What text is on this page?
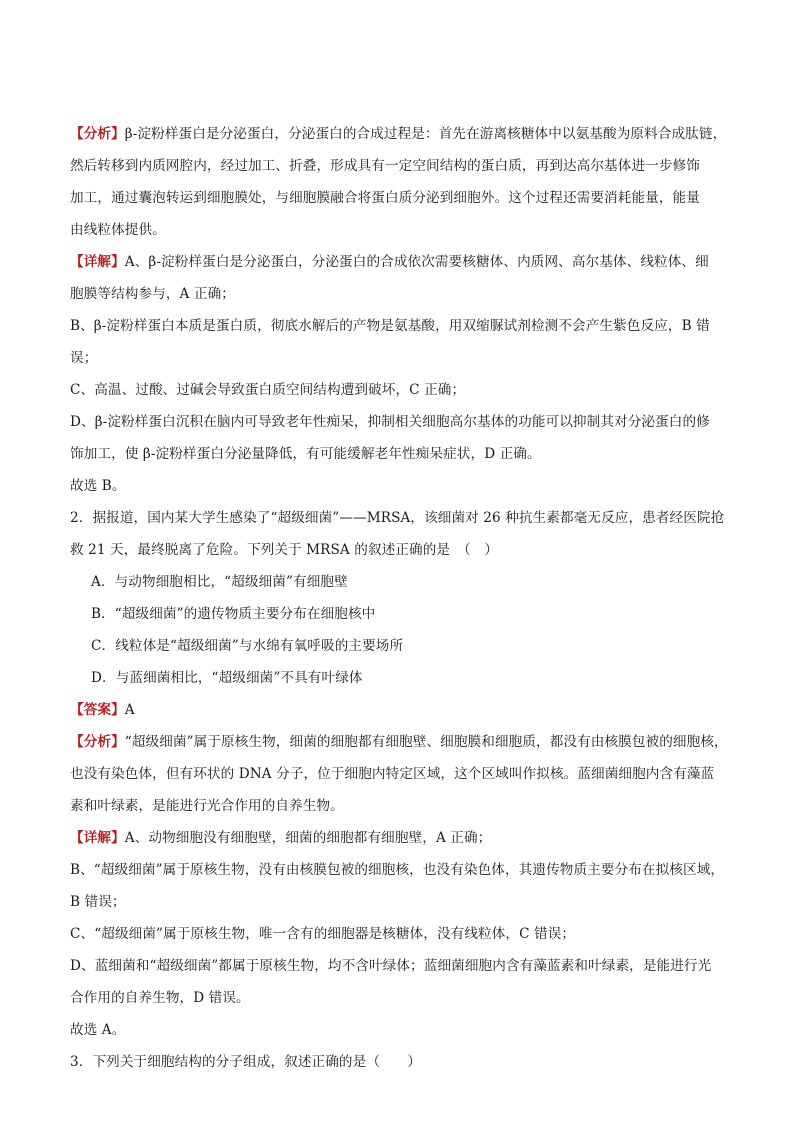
【分析】β-淀粉样蛋白是分泌蛋白，分泌蛋白的合成过程是：首先在游离核糖体中以氨基酸为原料合成肽链，
然后转移到内质网腔内，经过加工、折叠，形成具有一定空间结构的蛋白质，再到达高尔基体进一步修饰
加工，通过囊泡转运到细胞膜处，与细胞膜融合将蛋白质分泌到细胞外。这个过程还需要消耗能量，能量
由线粒体提供。
【详解】A、β-淀粉样蛋白是分泌蛋白，分泌蛋白的合成依次需要核糖体、内质网、高尔基体、线粒体、细
胞膜等结构参与，A 正确；
B、β-淀粉样蛋白本质是蛋白质，彻底水解后的产物是氨基酸，用双缩脲试剂检测不会产生紫色反应，B 错
误；
C、高温、过酸、过碱会导致蛋白质空间结构遭到破坏，C 正确；
D、β-淀粉样蛋白沉积在脑内可导致老年性痴呆，抑制相关细胞高尔基体的功能可以抑制其对分泌蛋白的修
饰加工，使 β-淀粉样蛋白分泌量降低，有可能缓解老年性痴呆症状，D 正确。
故选 B。
2．据报道，国内某大学生感染了“超级细菌”——MRSA，该细菌对 26 种抗生素都毫无反应，患者经医院抢
救 21 天，最终脱离了危险。下列关于 MRSA 的叙述正确的是　（　）
A．与动物细胞相比，“超级细菌”有细胞壁
B．“超级细菌”的遗传物质主要分布在细胞核中
C．线粒体是“超级细菌”与水绵有氧呼吸的主要场所
D．与蓝细菌相比，“超级细菌”不具有叶绿体
【答案】A
【分析】“超级细菌”属于原核生物，细菌的细胞都有细胞壁、细胞膜和细胞质，都没有由核膜包被的细胞核，
也没有染色体，但有环状的 DNA 分子，位于细胞内特定区域，这个区域叫作拟核。蓝细菌细胞内含有藻蓝
素和叶绿素，是能进行光合作用的自养生物。
【详解】A、动物细胞没有细胞壁，细菌的细胞都有细胞壁，A 正确；
B、“超级细菌”属于原核生物，没有由核膜包被的细胞核，也没有染色体，其遗传物质主要分布在拟核区域，
B 错误；
C、“超级细菌”属于原核生物，唯一含有的细胞器是核糖体，没有线粒体，C 错误；
D、蓝细菌和“超级细菌”都属于原核生物，均不含叶绿体；蓝细菌细胞内含有藻蓝素和叶绿素，是能进行光
合作用的自养生物，D 错误。
故选 A。
3．下列关于细胞结构的分子组成，叙述正确的是（　　）
